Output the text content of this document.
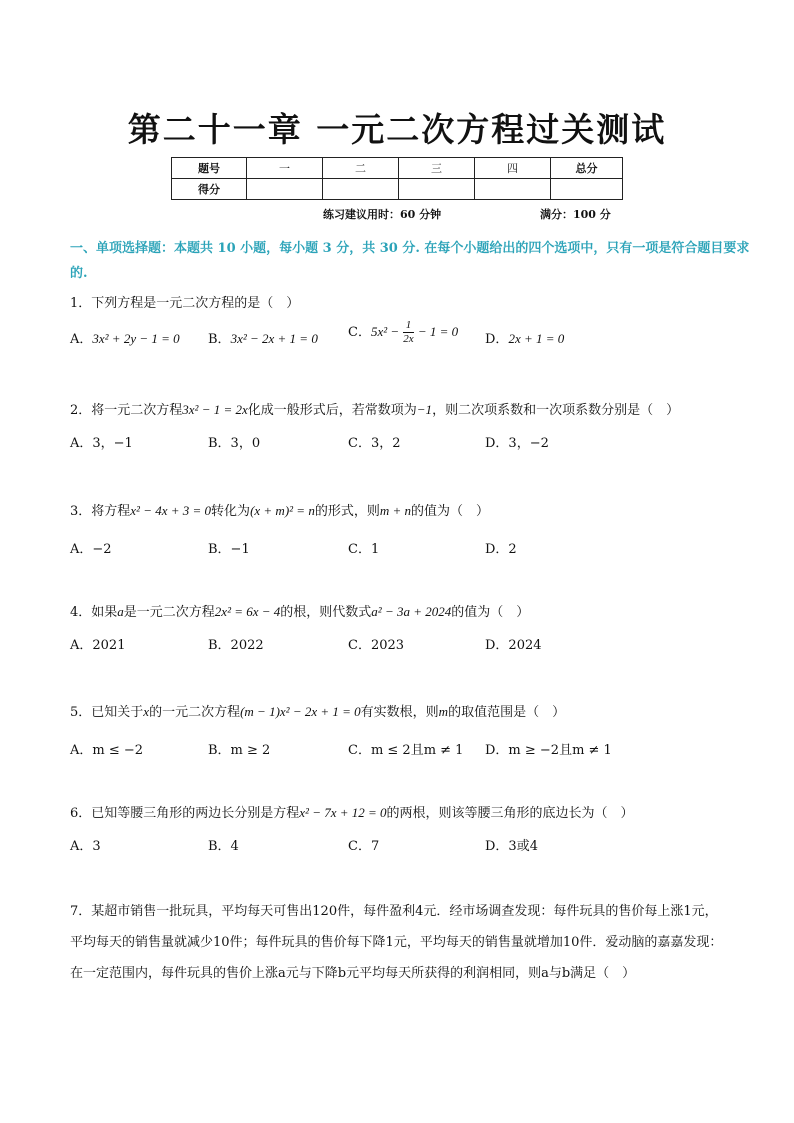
第二十一章 一元二次方程过关测试
题号	一	二	三	四	总分
得分					
练习建议用时：60 分钟	满分：100 分
一、单项选择题：本题共 10 小题，每小题 3 分，共 30 分. 在每个小题给出的四个选项中，只有一项是符合题目要求的.
1．下列方程是一元二次方程的是（　）
A．3x² + 2y − 1 = 0 B．3x² − 2x + 1 = 0 C．$5x^2 - \frac{1}{2x} - 1 = 0$
D．2x + 1 = 0
2．将一元二次方程3x² − 1 = 2x化成一般形式后，若常数项为−1，则二次项系数和一次项系数分别是（　）
A．3，−1	B．3，0	C．3，2	D．3，−2
3．将方程x² − 4x + 3 = 0转化为(x + m)² = n的形式，则m + n的值为（　）
A．−2	B．−1	C．1	D．2
4．如果a是一元二次方程2x² = 6x − 4的根，则代数式a² − 3a + 2024的值为（　）
A．2021	B．2022	C．2023	D．2024
5．已知关于x的一元二次方程(m − 1)x² − 2x + 1 = 0有实数根，则m的取值范围是（　）
A．m ≤ −2	B．m ≥ 2	C．m ≤ 2且m ≠ 1 D．m ≥ −2且m ≠ 1
6．已知等腰三角形的两边长分别是方程x² − 7x + 12 = 0的两根，则该等腰三角形的底边长为（　）
A．3	B．4	C．7	D．3或4
7．某超市销售一批玩具，平均每天可售出120件，每件盈利4元．经市场调查发现：每件玩具的售价每上涨1元，平均每天的销售量就减少10件；每件玩具的售价每下降1元，平均每天的销售量就增加10件．爱动脑的嘉嘉发现：在一定范围内，每件玩具的售价上涨a元与下降b元平均每天所获得的利润相同，则a与b满足（　）
